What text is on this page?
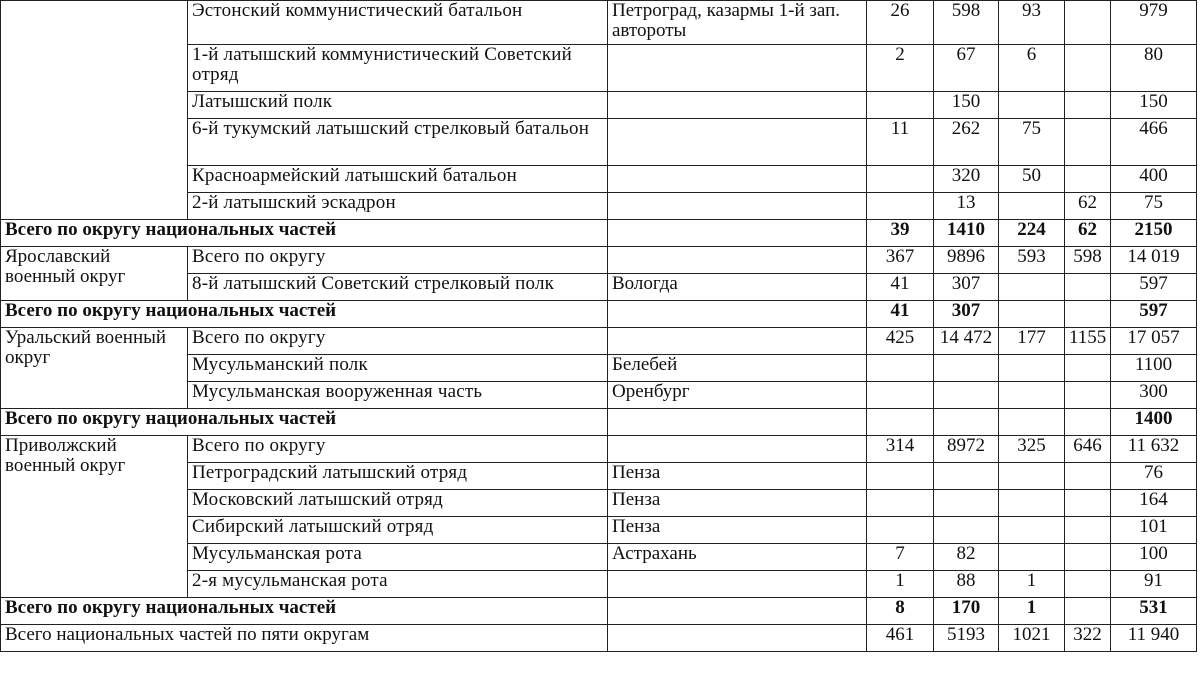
	Эстонский коммунистический батальон	Петроград, казармы 1-й зап. автороты	26	598	93		979
	1-й латышский коммунистический Советский отряд		2	67	6		80
	Латышский полк			150			150
	6-й тукумский латышский стрелковый батальон		11	262	75		466
	Красноармейский латышский батальон			320	50		400
	2-й латышский эскадрон			13		62	75
Всего по округу национальных частей			39	1410	224	62	2150
Ярославский военный округ	Всего по округу		367	9896	593	598	14 019
	8-й латышский Советский стрелковый полк	Вологда	41	307			597
Всего по округу национальных частей			41	307			597
Уральский военный округ	Всего по округу		425	14 472	177	1155	17 057
	Мусульманский полк	Белебей					1100
	Мусульманская вооруженная часть	Оренбург					300
Всего по округу национальных частей							1400
Приволжский военный округ	Всего по округу		314	8972	325	646	11 632
	Петроградский латышский отряд	Пенза					76
	Московский латышский отряд	Пенза					164
	Сибирский латышский отряд	Пенза					101
	Мусульманская рота	Астрахань	7	82			100
	2-я мусульманская рота		1	88	1		91
Всего по округу национальных частей			8	170	1		531
Всего национальных частей по пяти округам			461	5193	1021	322	11 940
